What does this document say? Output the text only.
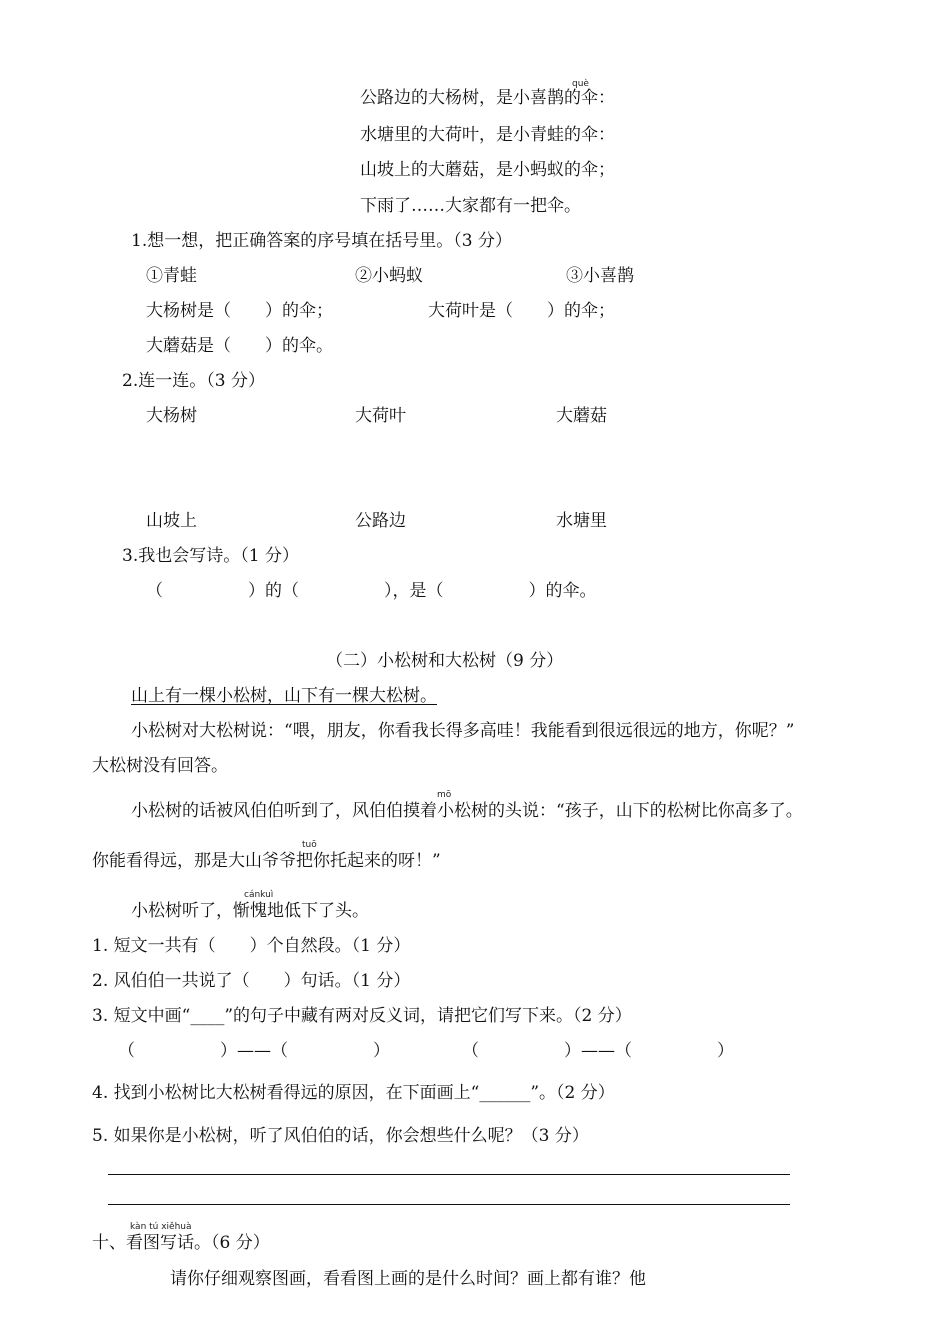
què
公路边的大杨树，是小喜鹊的伞：
水塘里的大荷叶，是小青蛙的伞：
山坡上的大蘑菇，是小蚂蚁的伞；
下雨了……大家都有一把伞。
1.想一想，把正确答案的序号填在括号里。（3 分）
①青蛙	②小蚂蚁	③小喜鹊
大杨树是（　　）的伞；	大荷叶是（　　）的伞；
大蘑菇是（　　）的伞。
2.连一连。（3 分）
大杨树	大荷叶	大蘑菇
山坡上	公路边	水塘里
3.我也会写诗。（1 分）
（　　　　　）的（　　　　　），是（　　　　　）的伞。
（二）小松树和大松树（9 分）
山上有一棵小松树，山下有一棵大松树。
小松树对大松树说：“喂，朋友，你看我长得多高哇！我能看到很远很远的地方，你呢？”
大松树没有回答。
mō
小松树的话被风伯伯听到了，风伯伯摸着小松树的头说：“孩子，山下的松树比你高多了。
tuō
你能看得远，那是大山爷爷把你托起来的呀！”
cánkuì
小松树听了，惭愧地低下了头。
1. 短文一共有（　　）个自然段。（1 分）
2. 风伯伯一共说了（　　）句话。（1 分）
3. 短文中画“____”的句子中藏有两对反义词，请把它们写下来。（2 分）
（　　　　　）——（　　　　　）	（　　　　　）——（　　　　　）
4. 找到小松树比大松树看得远的原因，在下面画上“______”。（2 分）
5. 如果你是小松树，听了风伯伯的话，你会想些什么呢？（3 分）
kàn tú xiěhuà
十、看图写话。（6 分）
请你仔细观察图画，看看图上画的是什么时间？画上都有谁？他
